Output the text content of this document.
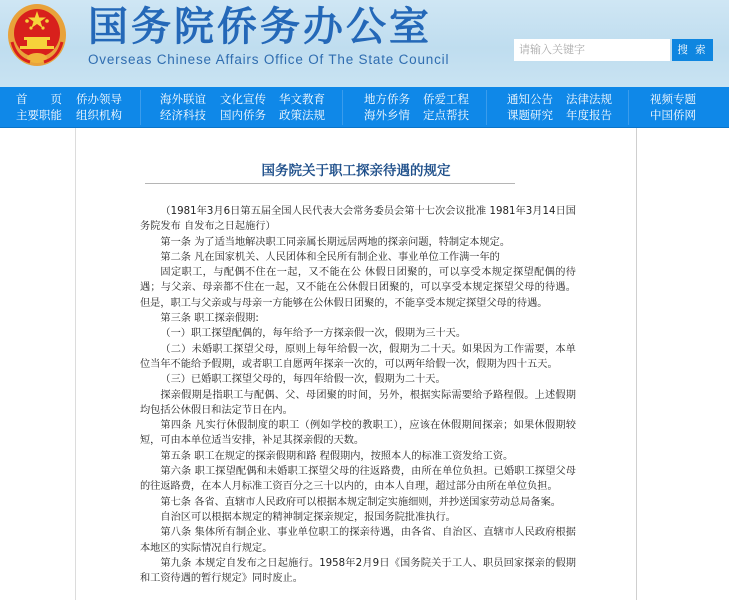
国务院侨务办公室
Overseas Chinese Affairs Office Of The State Council
请输入关键字
搜 索
首　　页
主要职能
侨办领导
组织机构
海外联谊
经济科技
文化宣传
国内侨务
华文教育
政策法规
地方侨务
海外乡情
侨爱工程
定点帮扶
通知公告
课题研究
法律法规
年度报告
视频专题
中国侨网
国务院关于职工探亲待遇的规定

（1981年3月6日第五届全国人民代表大会常务委员会第十七次会议批准 1981年3月14日国务院发布 自发布之日起施行）

第一条 为了适当地解决职工同亲属长期远居两地的探亲问题，特制定本规定。

第二条 凡在国家机关、人民团体和全民所有制企业、事业单位工作满一年的

固定职工，与配偶不住在一起，又不能在公 休假日团聚的，可以享受本规定探望配偶的待遇；与父亲、母亲都不住在一起，又不能在公休假日团聚的，可以享受本规定探望父母的待遇。但是，职工与父亲或与母亲一方能够在公休假日团聚的，不能享受本规定探望父母的待遇。

第三条 职工探亲假期:

（一）职工探望配偶的，每年给予一方探亲假一次，假期为三十天。

（二）未婚职工探望父母，原则上每年给假一次，假期为二十天。如果因为工作需要，本单位当年不能给予假期，或者职工自愿两年探亲一次的，可以两年给假一次，假期为四十五天。

（三）已婚职工探望父母的，每四年给假一次，假期为二十天。

探亲假期是指职工与配偶、父、母团聚的时间，另外，根据实际需要给予路程假。上述假期均包括公休假日和法定节日在内。

第四条 凡实行休假制度的职工（例如学校的教职工），应该在休假期间探亲；如果休假期较短，可由本单位适当安排，补足其探亲假的天数。

第五条 职工在规定的探亲假期和路 程假期内，按照本人的标准工资发给工资。

第六条 职工探望配偶和未婚职工探望父母的往返路费，由所在单位负担。已婚职工探望父母的往返路费，在本人月标准工资百分之三十以内的，由本人自理，超过部分由所在单位负担。

第七条 各省、直辖市人民政府可以根据本规定制定实施细则，并抄送国家劳动总局备案。

自治区可以根据本规定的精神制定探亲规定，报国务院批准执行。

第八条 集体所有制企业、事业单位职工的探亲待遇，由各省、自治区、直辖市人民政府根据本地区的实际情况自行规定。

第九条 本规定自发布之日起施行。1958年2月9日《国务院关于工人、职员回家探亲的假期和工资待遇的暂行规定》同时废止。
